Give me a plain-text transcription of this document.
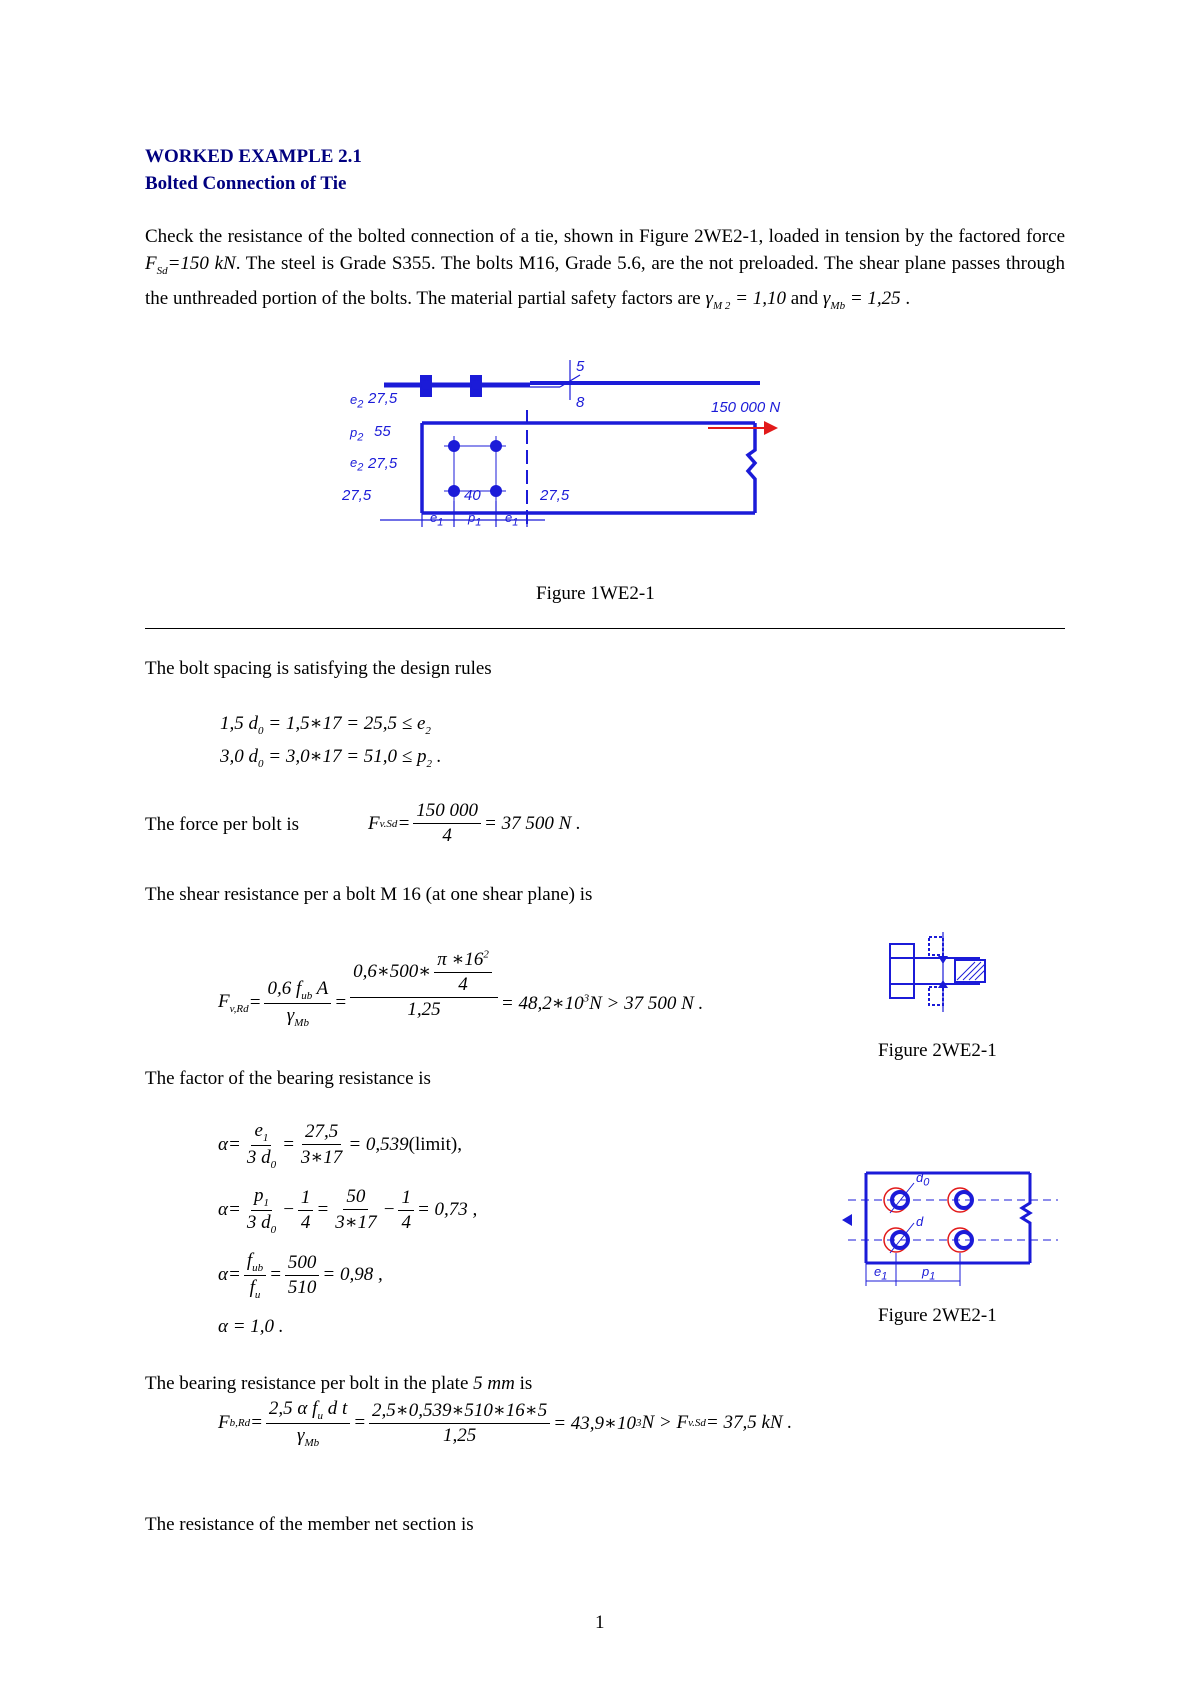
WORKED EXAMPLE 2.1
Bolted Connection of Tie
Check the resistance of the bolted connection of a tie, shown in Figure 2WE2-1, loaded in tension by the factored force $F_{Sd}=150$ kN. The steel is Grade S355. The bolts M16, Grade 5.6, are the not preloaded. The shear plane passes through the unthreaded portion of the bolts. The material partial safety factors are $\gamma_{M 2} = 1,10$ and $\gamma_{Mb} = 1,25$ .
5
8	150 000 N
$e_2$
$p_2$
$e_2$
27,5
55
27,5
27,5	40	27,5
$e_1$ $p_1$ $e_1$
Figure 1WE2-1
The bolt spacing is satisfying the design rules
1,5 $d_0$ = 1,5∗17 = $25,5 \le e_2$
3,0 $d_0$ = 3,0∗17 = $51,0 \le p_2$ .
The force per bolt is	F $v.Sd = \frac{150 000}{4} = 37$ 500 N .
The shear resistance per a bolt M 16 (at one shear plane) is
$F_{v,Rd} = \frac{0,6 f_{ub} A}{\gamma_{Mb}} = \frac{0,6∗500∗ \frac{\pi ∗16^2}{4}}{1,25}$ = $48,2∗10^3N > 37$ 500 N .
Figure 2WE2-1
The factor of the bearing resistance is
$\alpha = \frac{e_1}{3 d_0} = \frac{27,5}{3∗17} = 0,539$ (limit),
$\alpha = \frac{p_1}{3 d_0} - \frac{1}{4} = \frac{50}{3∗17} - \frac{1}{4} = 0,73$ ,
$\alpha = \frac{f_{ub}}{f_u} = \frac{500}{510} = 0,98$ ,
α = 1,0 .
$d_0$
d
$e_1$	$p_1$
Figure 2WE2-1
The bearing resistance per bolt in the plate 5 mm is
F $b,Rd = \frac{2,5 \alpha f_u d t}{\gamma_{Mb}} = \frac{2,5∗0,539∗510∗16∗5}{1,25}$ = 43,9∗10 3 N > F v.Sd = 37,5 kN .
The resistance of the member net section is
1
